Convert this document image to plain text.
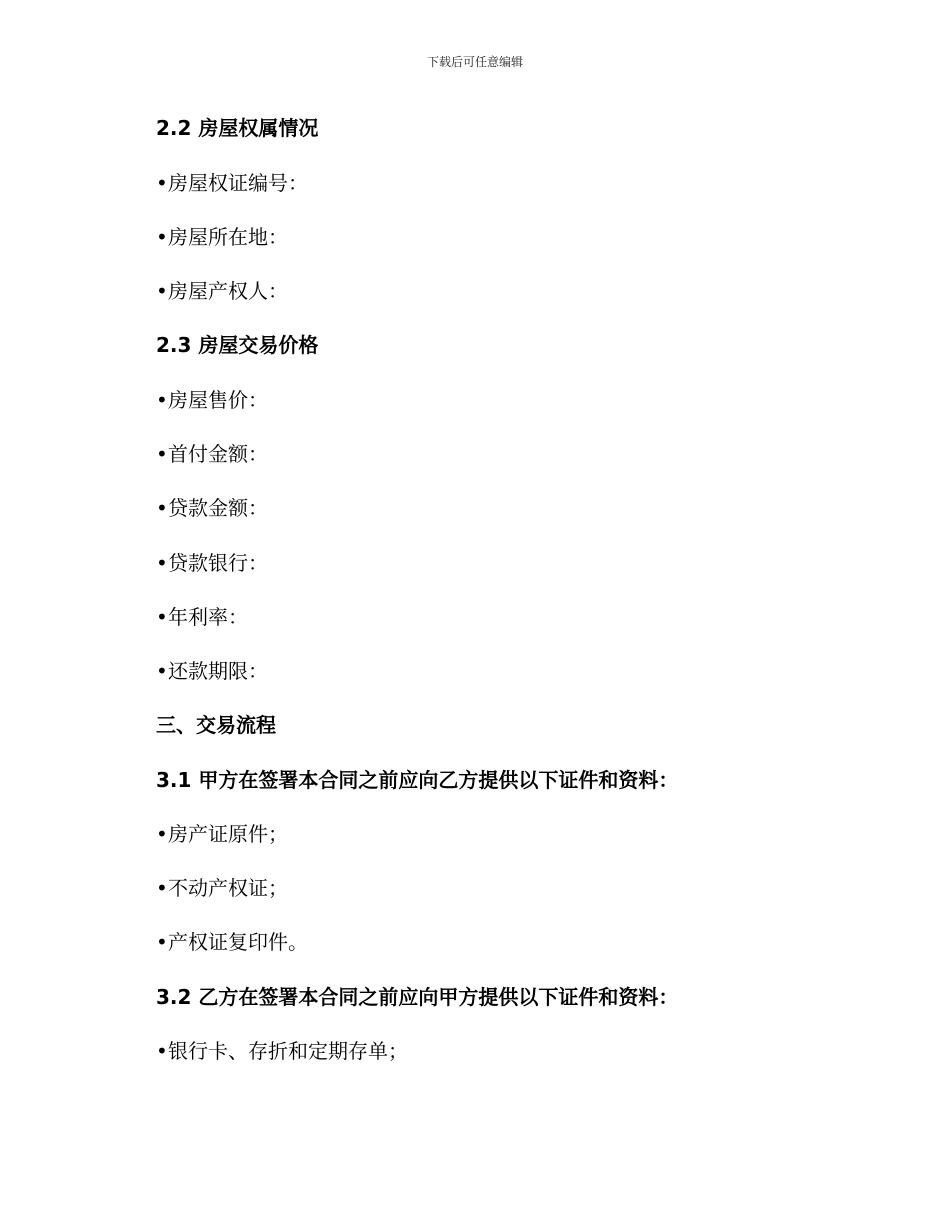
下载后可任意编辑
2.2 房屋权属情况
•房屋权证编号：
•房屋所在地：
•房屋产权人：
2.3 房屋交易价格
•房屋售价：
•首付金额：
•贷款金额：
•贷款银行：
•年利率：
•还款期限：
三、交易流程
3.1 甲方在签署本合同之前应向乙方提供以下证件和资料：
•房产证原件；
•不动产权证；
•产权证复印件。
3.2 乙方在签署本合同之前应向甲方提供以下证件和资料：
•银行卡、存折和定期存单；
